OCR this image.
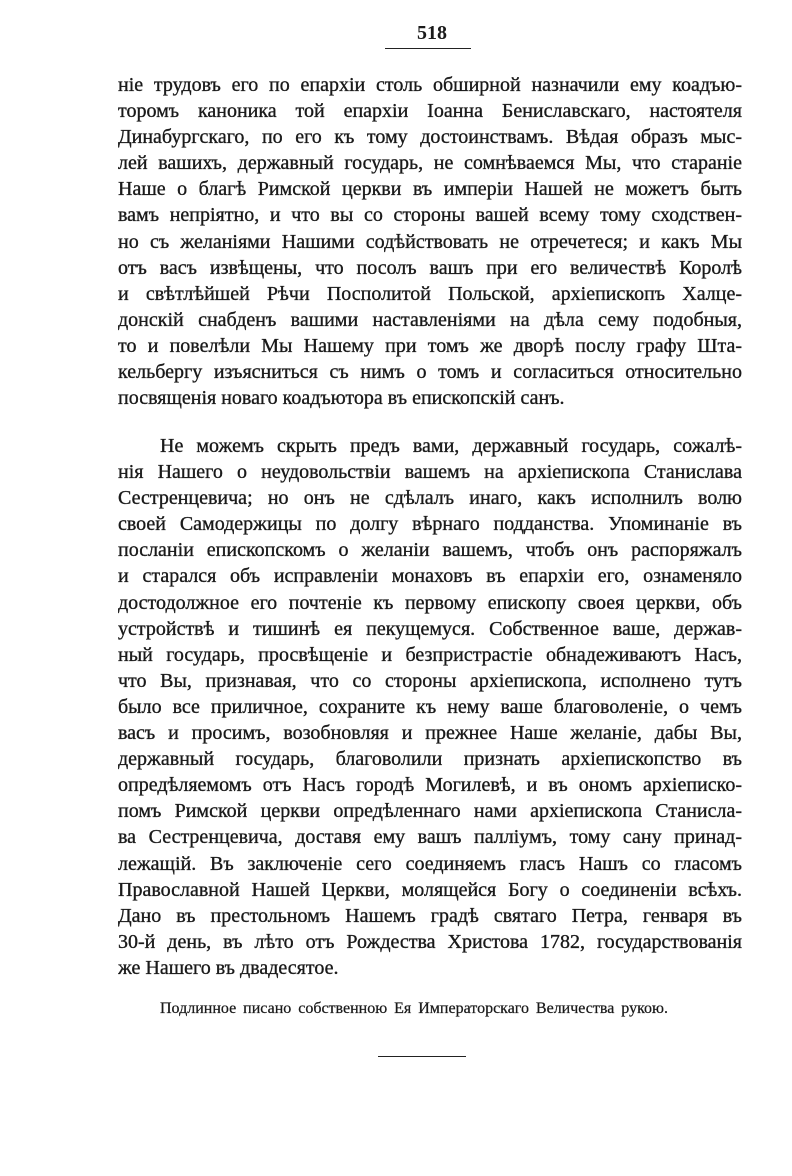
518
ніе трудовъ его по епархіи столь обширной назначили ему коадъю-
торомъ каноника той епархіи Іоанна Бениславскаго, настоятеля
Динабургскаго, по его къ тому достоинствамъ. Вѣдая образъ мыс-
лей вашихъ, державный государь, не сомнѣваемся Мы, что стараніе
Наше о благѣ Римской церкви въ имперіи Нашей не можетъ быть
вамъ непріятно, и что вы со стороны вашей всему тому сходствен-
но съ желаніями Нашими содѣйствовать не отречетеся; и какъ Мы
отъ васъ извѣщены, что посолъ вашъ при его величествѣ Королѣ
и свѣтлѣйшей Рѣчи Посполитой Польской, архіепископъ Халце-
донскій снабденъ вашими наставленіями на дѣла сему подобныя,
то и повелѣли Мы Нашему при томъ же дворѣ послу графу Шта-
кельбергу изъясниться съ нимъ о томъ и согласиться относительно
посвященія новаго коадъютора въ епископскій санъ.
Не можемъ скрыть предъ вами, державный государь, сожалѣ-
нія Нашего о неудовольствіи вашемъ на архіепископа Станислава
Сестренцевича; но онъ не сдѣлалъ инаго, какъ исполнилъ волю
своей Самодержицы по долгу вѣрнаго подданства. Упоминаніе въ
посланіи епископскомъ о желаніи вашемъ, чтобъ онъ распоряжалъ
и старался объ исправленіи монаховъ въ епархіи его, ознаменяло
достодолжное его почтеніе къ первому епископу своея церкви, объ
устройствѣ и тишинѣ ея пекущемуся. Собственное ваше, держав-
ный государь, просвѣщеніе и безпристрастіе обнадеживаютъ Насъ,
что Вы, признавая, что со стороны архіепископа, исполнено тутъ
было все приличное, сохраните къ нему ваше благоволеніе, о чемъ
васъ и просимъ, возобновляя и прежнее Наше желаніе, дабы Вы,
державный государь, благоволили признать архіепископство въ
опредѣляемомъ отъ Насъ городѣ Могилевѣ, и въ ономъ архіеписко-
помъ Римской церкви опредѣленнаго нами архіепископа Станисла-
ва Сестренцевича, доставя ему вашъ палліумъ, тому сану принад-
лежащій. Въ заключеніе сего соединяемъ гласъ Нашъ со гласомъ
Православной Нашей Церкви, молящейся Богу о соединеніи всѣхъ.
Дано въ престольномъ Нашемъ градѣ святаго Петра, генваря въ
30-й день, въ лѣто отъ Рождества Христова 1782, государствованія
же Нашего въ двадесятое.
Подлинное писано собственною Ея Императорскаго Величества рукою.
